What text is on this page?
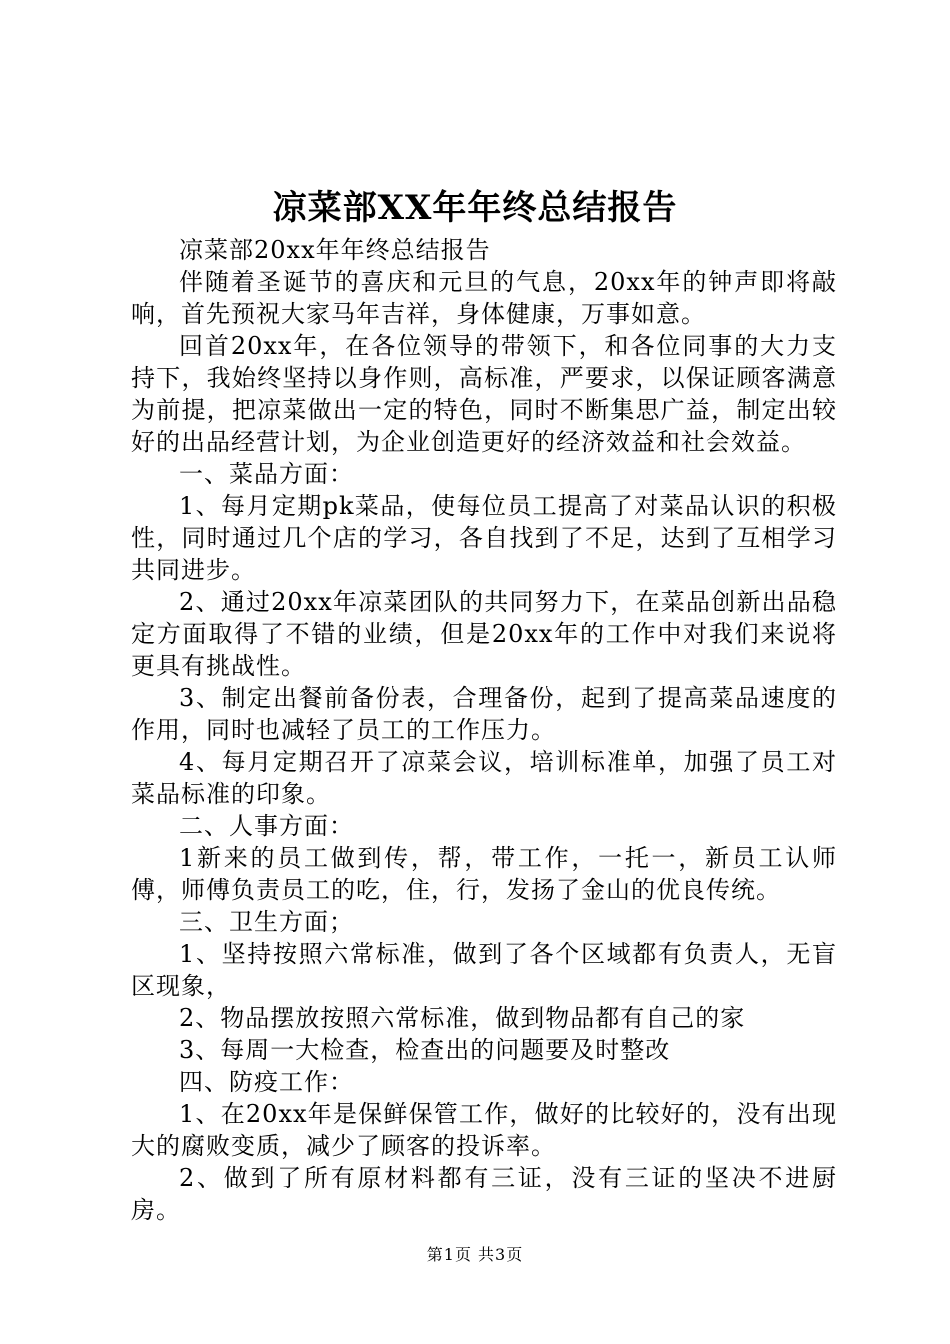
凉菜部XX年年终总结报告

凉菜部20xx年年终总结报告

伴随着圣诞节的喜庆和元旦的气息，20xx年的钟声即将敲响，首先预祝大家马年吉祥，身体健康，万事如意。

回首20xx年，在各位领导的带领下，和各位同事的大力支持下，我始终坚持以身作则，高标准，严要求，以保证顾客满意为前提，把凉菜做出一定的特色，同时不断集思广益，制定出较好的出品经营计划，为企业创造更好的经济效益和社会效益。

一、菜品方面：

1、每月定期pk菜品，使每位员工提高了对菜品认识的积极性，同时通过几个店的学习，各自找到了不足，达到了互相学习共同进步。

2、通过20xx年凉菜团队的共同努力下，在菜品创新出品稳定方面取得了不错的业绩，但是20xx年的工作中对我们来说将更具有挑战性。

3、制定出餐前备份表，合理备份，起到了提高菜品速度的作用，同时也减轻了员工的工作压力。

4、每月定期召开了凉菜会议，培训标准单，加强了员工对菜品标准的印象。

二、人事方面：

1新来的员工做到传，帮，带工作，一托一，新员工认师傅，师傅负责员工的吃，住，行，发扬了金山的优良传统。

三、卫生方面；

1、坚持按照六常标准，做到了各个区域都有负责人，无盲区现象，

2、物品摆放按照六常标准，做到物品都有自己的家

3、每周一大检查，检查出的问题要及时整改

四、防疫工作：

1、在20xx年是保鲜保管工作，做好的比较好的，没有出现大的腐败变质，减少了顾客的投诉率。

2、做到了所有原材料都有三证，没有三证的坚决不进厨房。

第1页 共3页
